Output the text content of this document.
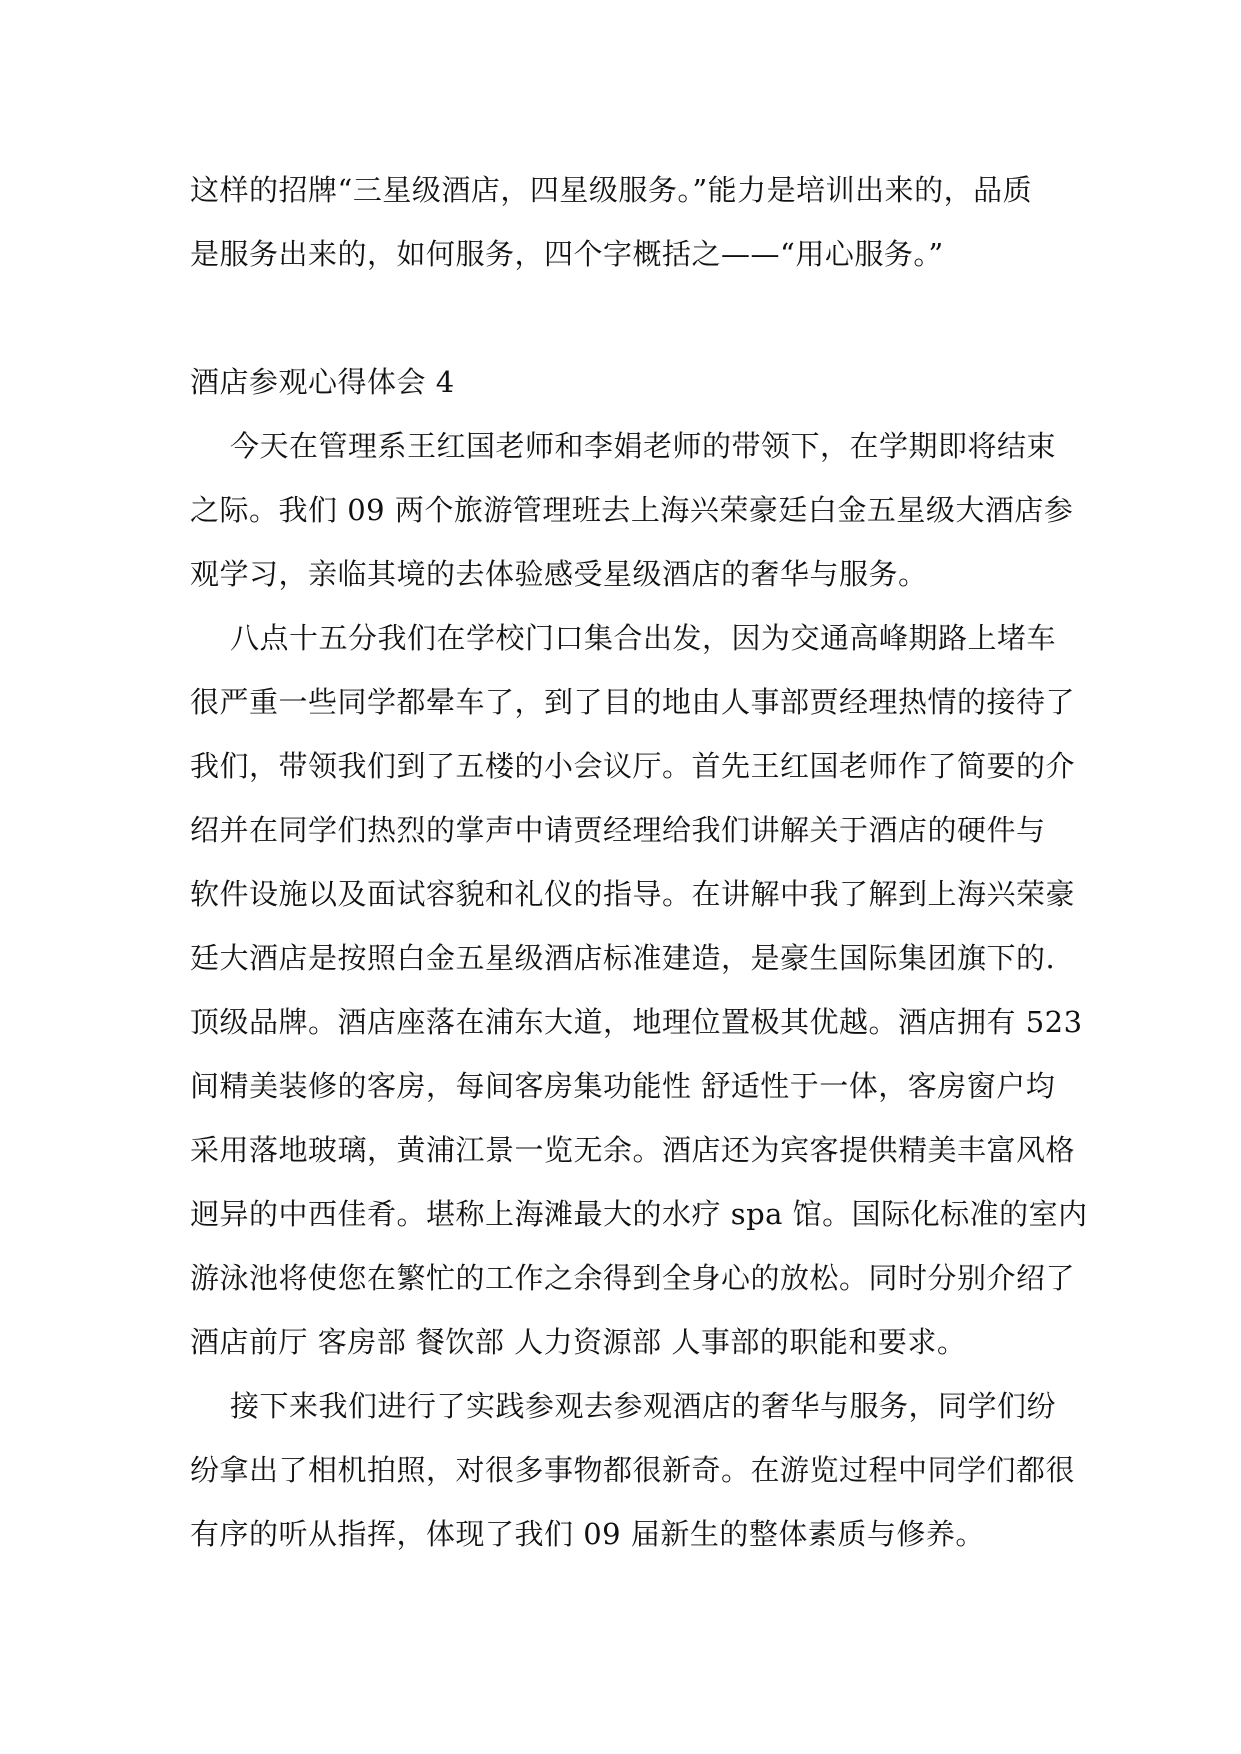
这样的招牌“三星级酒店，四星级服务。”能力是培训出来的，品质
是服务出来的，如何服务，四个字概括之——“用心服务。”
酒店参观心得体会 4
今天在管理系王红国老师和李娟老师的带领下，在学期即将结束
之际。我们 09 两个旅游管理班去上海兴荣豪廷白金五星级大酒店参
观学习，亲临其境的去体验感受星级酒店的奢华与服务。
八点十五分我们在学校门口集合出发，因为交通高峰期路上堵车
很严重一些同学都晕车了，到了目的地由人事部贾经理热情的接待了
我们，带领我们到了五楼的小会议厅。首先王红国老师作了简要的介
绍并在同学们热烈的掌声中请贾经理给我们讲解关于酒店的硬件与
软件设施以及面试容貌和礼仪的指导。在讲解中我了解到上海兴荣豪
廷大酒店是按照白金五星级酒店标准建造，是豪生国际集团旗下的.
顶级品牌。酒店座落在浦东大道，地理位置极其优越。酒店拥有 523
间精美装修的客房，每间客房集功能性 舒适性于一体，客房窗户均
采用落地玻璃，黄浦江景一览无余。酒店还为宾客提供精美丰富风格
迥异的中西佳肴。堪称上海滩最大的水疗 spa 馆。国际化标准的室内
游泳池将使您在繁忙的工作之余得到全身心的放松。同时分别介绍了
酒店前厅 客房部 餐饮部 人力资源部 人事部的职能和要求。
接下来我们进行了实践参观去参观酒店的奢华与服务，同学们纷
纷拿出了相机拍照，对很多事物都很新奇。在游览过程中同学们都很
有序的听从指挥，体现了我们 09 届新生的整体素质与修养。
